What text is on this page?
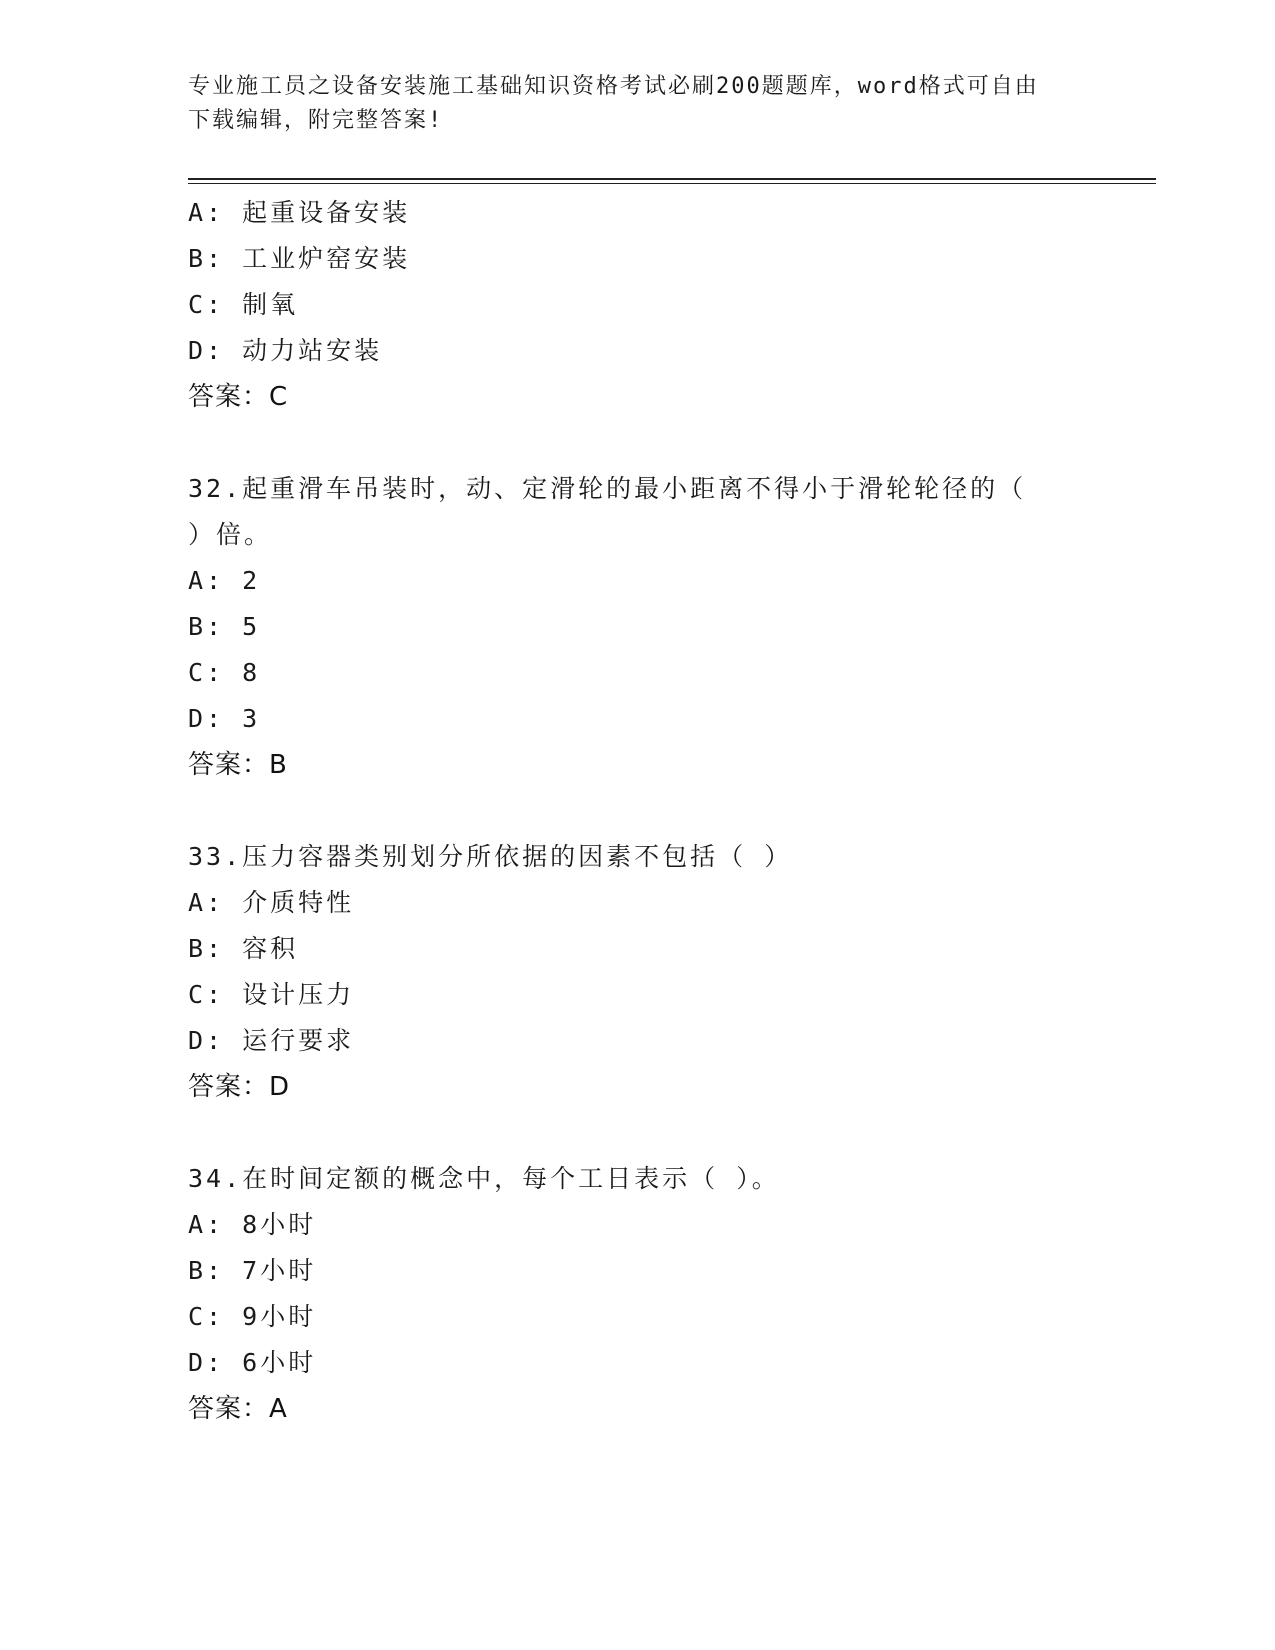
专业施工员之设备安装施工基础知识资格考试必刷200题题库，word格式可自由
下载编辑，附完整答案!
A: 起重设备安装
B: 工业炉窑安装
C: 制氧
D: 动力站安装
答案：C
32.起重滑车吊装时，动、定滑轮的最小距离不得小于滑轮轮径的（
）倍。
A: 2
B: 5
C: 8
D: 3
答案：B
33.压力容器类别划分所依据的因素不包括（ ）
A: 介质特性
B: 容积
C: 设计压力
D: 运行要求
答案：D
34.在时间定额的概念中，每个工日表示（ ）。
A: 8小时
B: 7小时
C: 9小时
D: 6小时
答案：A
